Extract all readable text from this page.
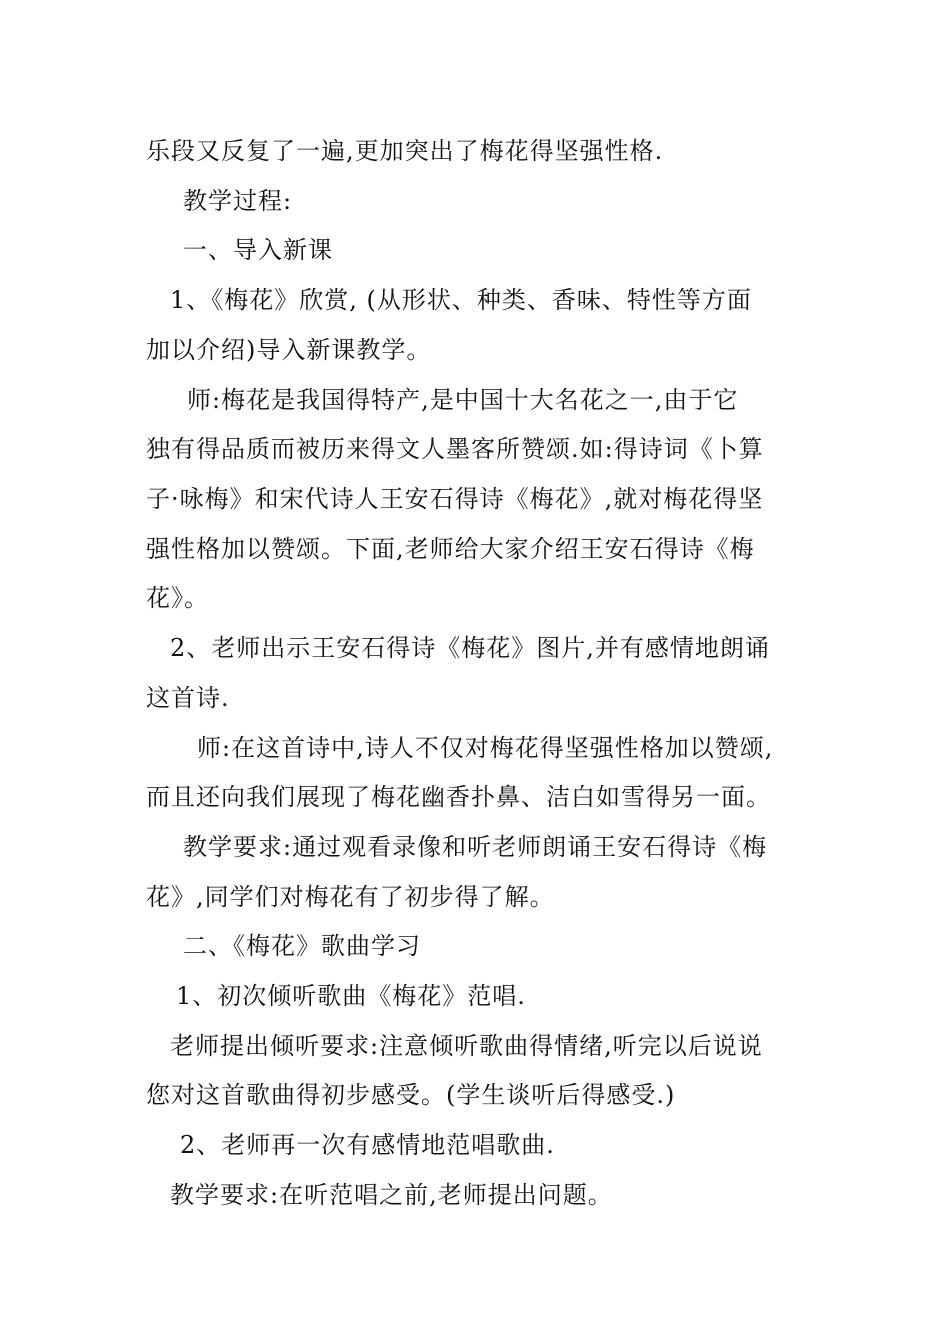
乐段又反复了一遍,更加突出了梅花得坚强性格.
教学过程:
一、导入新课
1、《梅花》欣赏, (从形状、种类、香味、特性等方面
加以介绍)导入新课教学。
师:梅花是我国得特产,是中国十大名花之一,由于它
独有得品质而被历来得文人墨客所赞颂.如:得诗词《卜算
子·咏梅》和宋代诗人王安石得诗《梅花》,就对梅花得坚
强性格加以赞颂。下面,老师给大家介绍王安石得诗《梅
花》。
2、老师出示王安石得诗《梅花》图片,并有感情地朗诵
这首诗.
师:在这首诗中,诗人不仅对梅花得坚强性格加以赞颂,
而且还向我们展现了梅花幽香扑鼻、洁白如雪得另一面。
教学要求:通过观看录像和听老师朗诵王安石得诗《梅
花》,同学们对梅花有了初步得了解。
二、《梅花》歌曲学习
1、初次倾听歌曲《梅花》范唱.
老师提出倾听要求:注意倾听歌曲得情绪,听完以后说说
您对这首歌曲得初步感受。(学生谈听后得感受.)
2、老师再一次有感情地范唱歌曲.
教学要求:在听范唱之前,老师提出问题。
